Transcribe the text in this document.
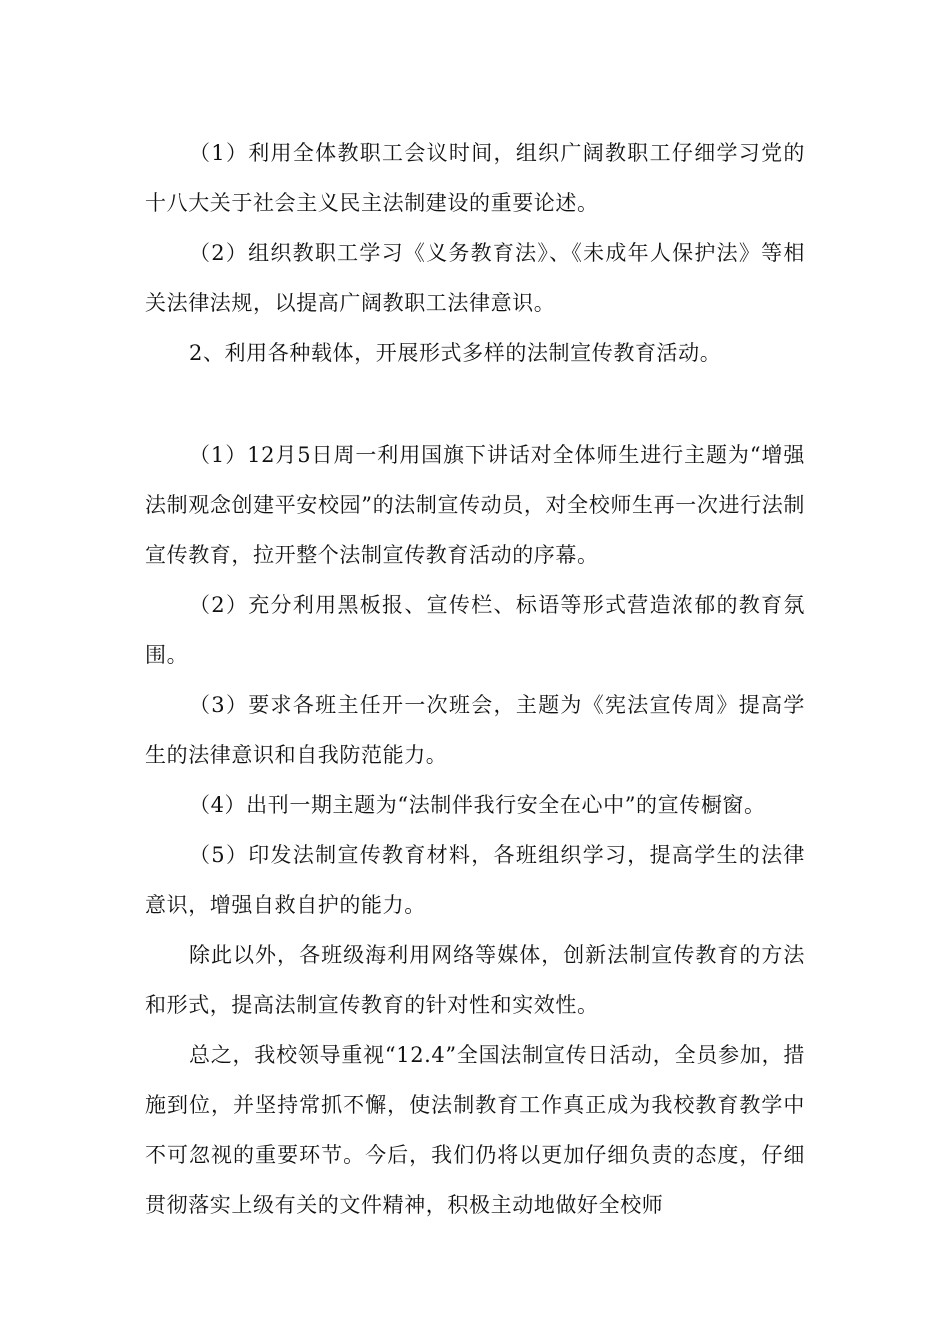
（1）利用全体教职工会议时间，组织广阔教职工仔细学习党的十八大关于社会主义民主法制建设的重要论述。

（2）组织教职工学习《义务教育法》、《未成年人保护法》等相关法律法规，以提高广阔教职工法律意识。

2、利用各种载体，开展形式多样的法制宣传教育活动。

（1）12月5日周一利用国旗下讲话对全体师生进行主题为“增强法制观念创建平安校园”的法制宣传动员，对全校师生再一次进行法制宣传教育，拉开整个法制宣传教育活动的序幕。

（2）充分利用黑板报、宣传栏、标语等形式营造浓郁的教育氛围。

（3）要求各班主任开一次班会，主题为《宪法宣传周》提高学生的法律意识和自我防范能力。

（4）出刊一期主题为“法制伴我行安全在心中”的宣传橱窗。

（5）印发法制宣传教育材料，各班组织学习，提高学生的法律意识，增强自救自护的能力。

除此以外，各班级海利用网络等媒体，创新法制宣传教育的方法和形式，提高法制宣传教育的针对性和实效性。

总之，我校领导重视“12.4”全国法制宣传日活动，全员参加，措施到位，并坚持常抓不懈，使法制教育工作真正成为我校教育教学中不可忽视的重要环节。今后，我们仍将以更加仔细负责的态度，仔细贯彻落实上级有关的文件精神，积极主动地做好全校师
